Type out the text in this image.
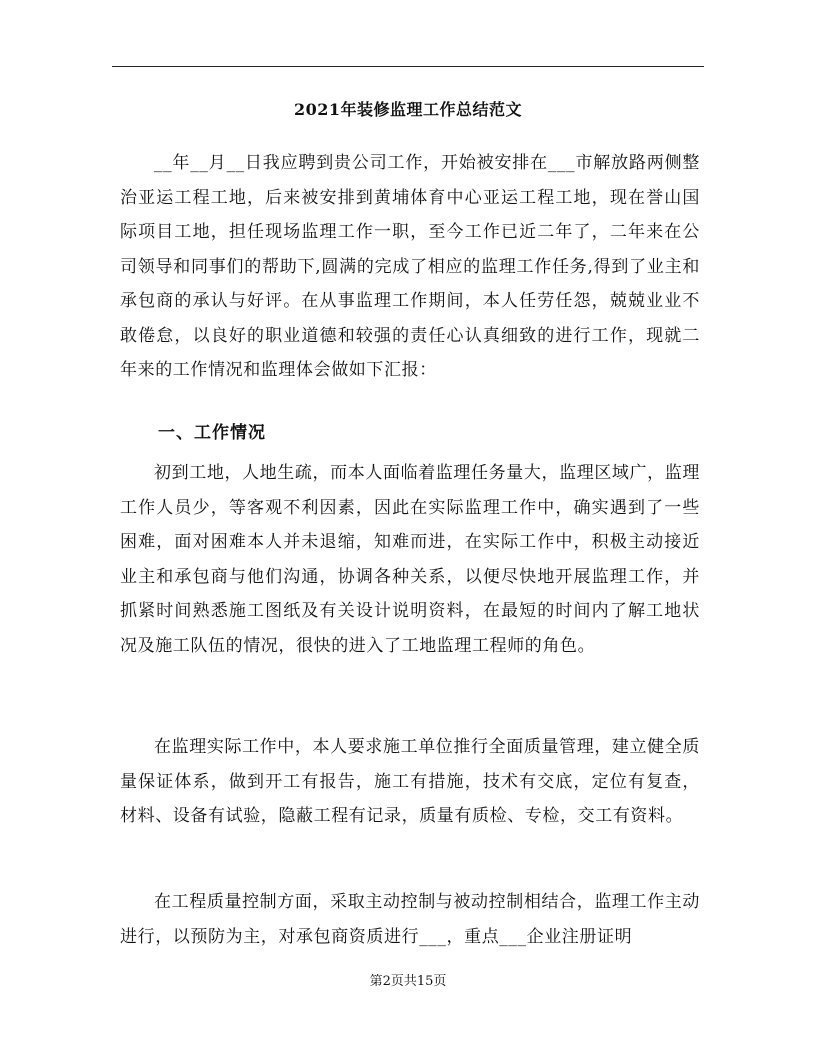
2021年装修监理工作总结范文

__年__月__日我应聘到贵公司工作，开始被安排在___市解放路两侧整治亚运工程工地，后来被安排到黄埔体育中心亚运工程工地，现在誉山国际项目工地，担任现场监理工作一职，至今工作已近二年了，二年来在公司领导和同事们的帮助下,圆满的完成了相应的监理工作任务,得到了业主和承包商的承认与好评。在从事监理工作期间，本人任劳任怨，兢兢业业不敢倦怠，以良好的职业道德和较强的责任心认真细致的进行工作，现就二年来的工作情况和监理体会做如下汇报：

一、工作情况

初到工地，人地生疏，而本人面临着监理任务量大，监理区域广，监理工作人员少，等客观不利因素，因此在实际监理工作中，确实遇到了一些困难，面对困难本人并未退缩，知难而进，在实际工作中，积极主动接近业主和承包商与他们沟通，协调各种关系，以便尽快地开展监理工作，并抓紧时间熟悉施工图纸及有关设计说明资料，在最短的时间内了解工地状况及施工队伍的情况，很快的进入了工地监理工程师的角色。

在监理实际工作中，本人要求施工单位推行全面质量管理，建立健全质量保证体系，做到开工有报告，施工有措施，技术有交底，定位有复查，材料、设备有试验，隐蔽工程有记录，质量有质检、专检，交工有资料。

在工程质量控制方面，采取主动控制与被动控制相结合，监理工作主动进行，以预防为主，对承包商资质进行___，重点___企业注册证明

第2页共15页
